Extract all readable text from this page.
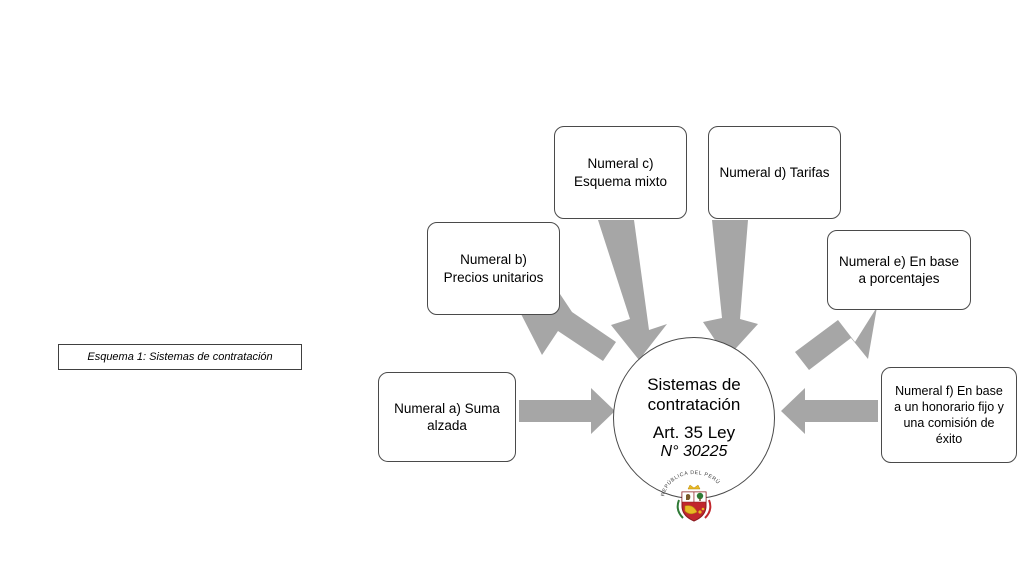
Esquema 1: Sistemas de contratación
Numeral b) Precios unitarios
Numeral c) Esquema mixto
Numeral d) Tarifas
Numeral e) En base a porcentajes
Numeral a) Suma alzada
Numeral f) En base a un honorario fijo y una comisión de éxito
Sistemas de
contratación
Art. 35 Ley
N° 30225
REPÚBLICA DEL PERÚ
